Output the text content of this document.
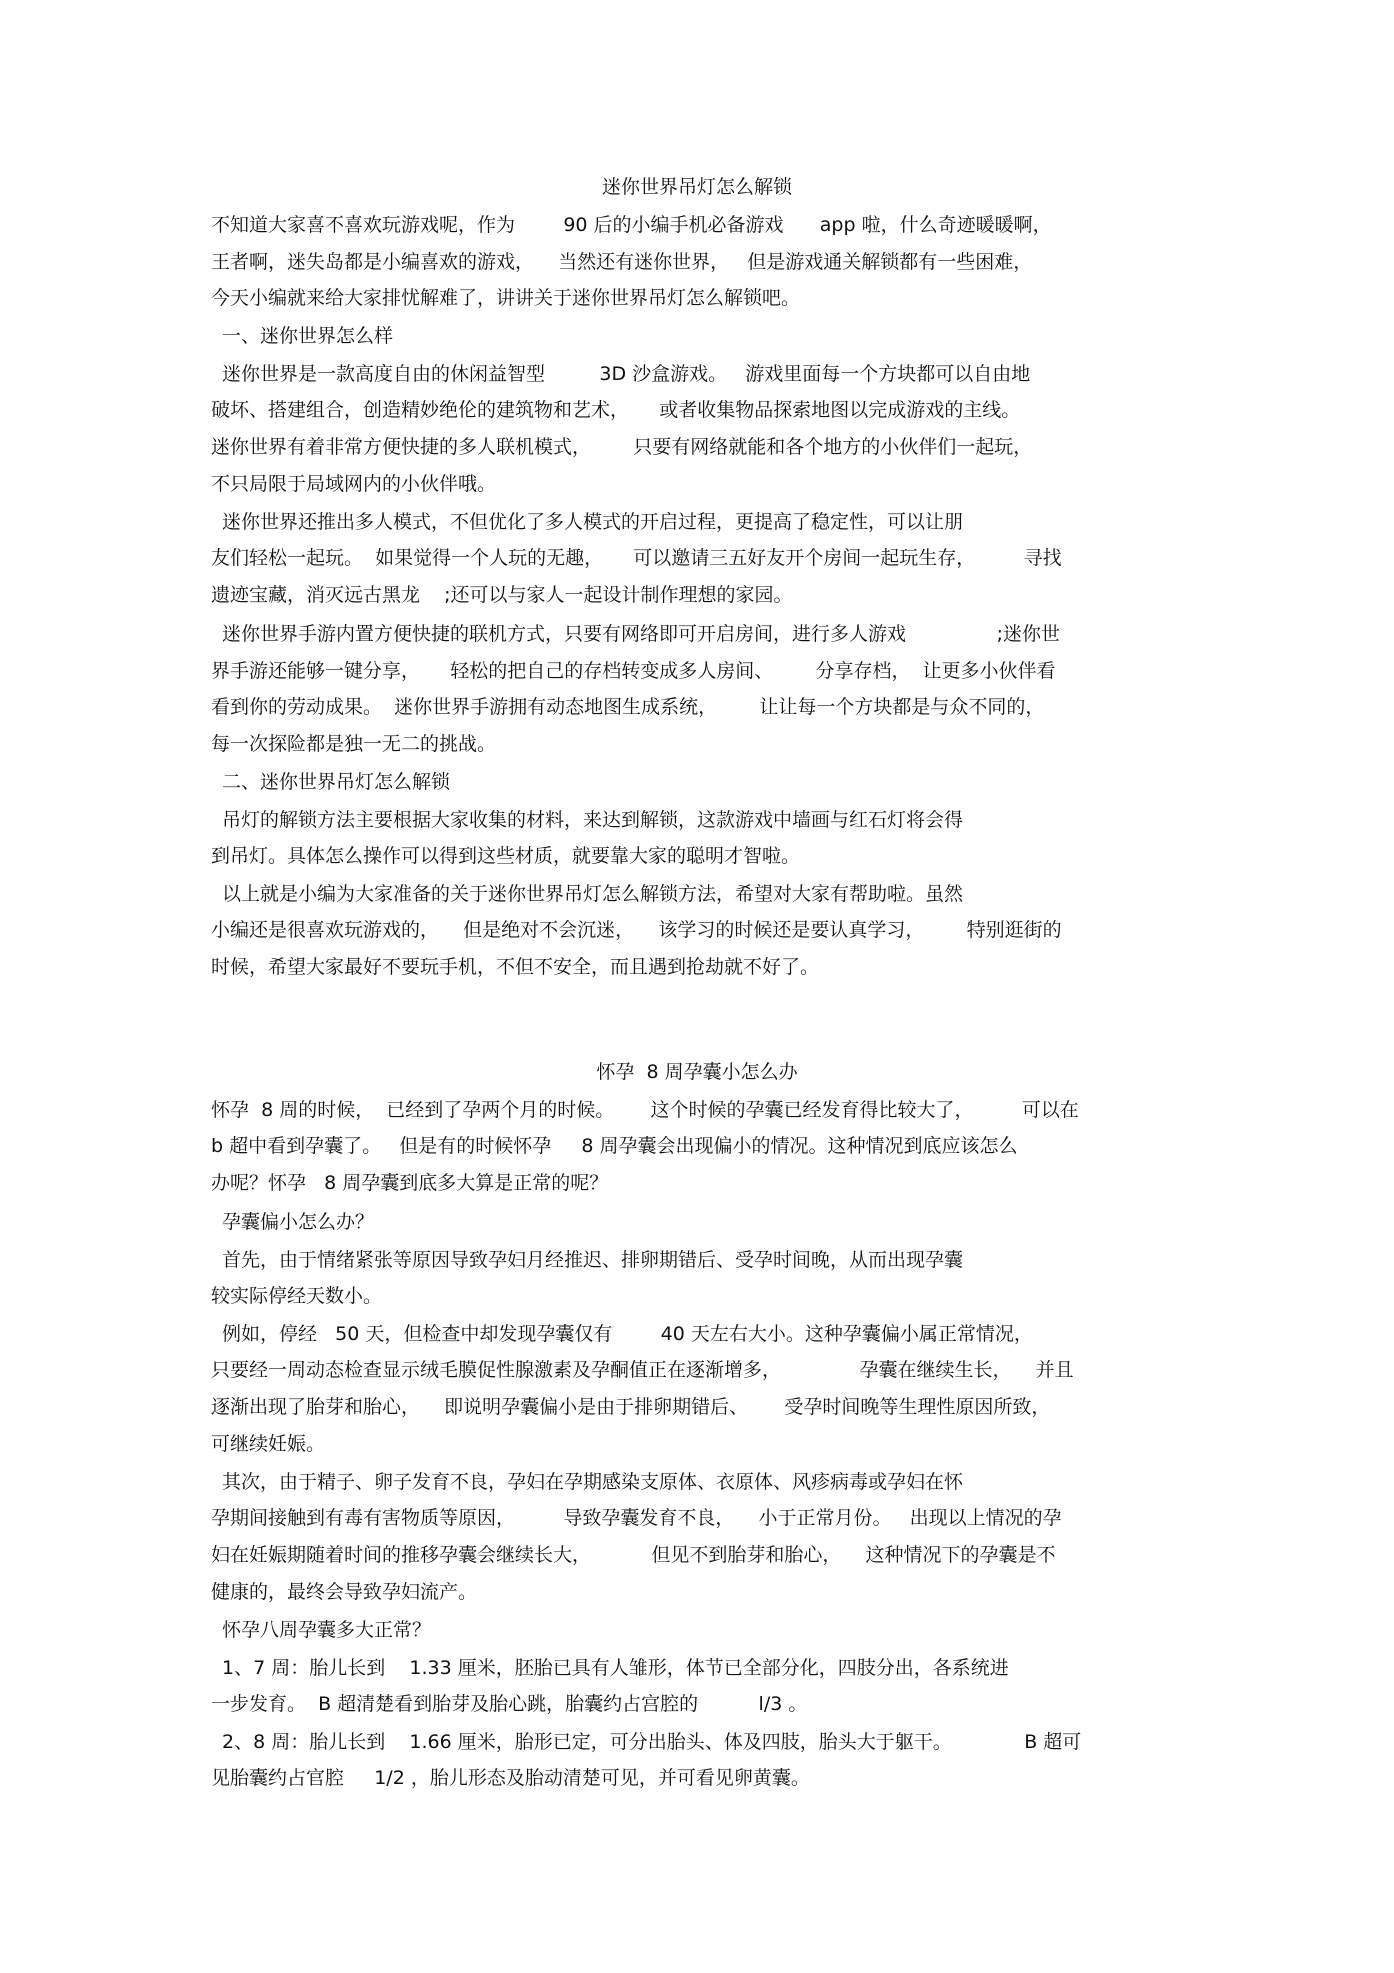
迷你世界吊灯怎么解锁
不知道大家喜不喜欢玩游戏呢，作为        90 后的小编手机必备游戏      app 啦，什么奇迹暖暖啊，
王者啊，迷失岛都是小编喜欢的游戏，    当然还有迷你世界，   但是游戏通关解锁都有一些困难，
今天小编就来给大家排忧解难了，讲讲关于迷你世界吊灯怎么解锁吧。
一、迷你世界怎么样
迷你世界是一款高度自由的休闲益智型         3D 沙盒游戏。   游戏里面每一个方块都可以自由地
破坏、搭建组合，创造精妙绝伦的建筑物和艺术，     或者收集物品探索地图以完成游戏的主线。
迷你世界有着非常方便快捷的多人联机模式，       只要有网络就能和各个地方的小伙伴们一起玩，
不只局限于局域网内的小伙伴哦。
迷你世界还推出多人模式，不但优化了多人模式的开启过程，更提高了稳定性，可以让朋
友们轻松一起玩。  如果觉得一个人玩的无趣，     可以邀请三五好友开个房间一起玩生存，        寻找
遗迹宝藏，消灭远古黑龙    ;还可以与家人一起设计制作理想的家园。
迷你世界手游内置方便快捷的联机方式，只要有网络即可开启房间，进行多人游戏               ;迷你世
界手游还能够一键分享，     轻松的把自己的存档转变成多人房间、       分享存档，  让更多小伙伴看
看到你的劳动成果。  迷你世界手游拥有动态地图生成系统，       让让每一个方块都是与众不同的，
每一次探险都是独一无二的挑战。
二、迷你世界吊灯怎么解锁
吊灯的解锁方法主要根据大家收集的材料，来达到解锁，这款游戏中墙画与红石灯将会得
到吊灯。具体怎么操作可以得到这些材质，就要靠大家的聪明才智啦。
以上就是小编为大家准备的关于迷你世界吊灯怎么解锁方法，希望对大家有帮助啦。虽然
小编还是很喜欢玩游戏的，    但是绝对不会沉迷，    该学习的时候还是要认真学习，       特别逛街的
时候，希望大家最好不要玩手机，不但不安全，而且遇到抢劫就不好了。
怀孕  8 周孕囊小怎么办
怀孕  8 周的时候，  已经到了孕两个月的时候。      这个时候的孕囊已经发育得比较大了，        可以在
b 超中看到孕囊了。   但是有的时候怀孕     8 周孕囊会出现偏小的情况。这种情况到底应该怎么
办呢？怀孕   8 周孕囊到底多大算是正常的呢？
孕囊偏小怎么办？
首先，由于情绪紧张等原因导致孕妇月经推迟、排卵期错后、受孕时间晚，从而出现孕囊
较实际停经天数小。
例如，停经   50 天，但检查中却发现孕囊仅有        40 天左右大小。这种孕囊偏小属正常情况，
只要经一周动态检查显示绒毛膜促性腺激素及孕酮值正在逐渐增多，             孕囊在继续生长，    并且
逐渐出现了胎芽和胎心，    即说明孕囊偏小是由于排卵期错后、      受孕时间晚等生理性原因所致，
可继续妊娠。
其次，由于精子、卵子发育不良，孕妇在孕期感染支原体、衣原体、风疹病毒或孕妇在怀
孕期间接触到有毒有害物质等原因，        导致孕囊发育不良，    小于正常月份。   出现以上情况的孕
妇在妊娠期随着时间的推移孕囊会继续长大，          但见不到胎芽和胎心，    这种情况下的孕囊是不
健康的，最终会导致孕妇流产。
怀孕八周孕囊多大正常？
1、7 周：胎儿长到    1.33 厘米，胚胎已具有人雏形，体节已全部分化，四肢分出，各系统进
一步发育。  B 超清楚看到胎芽及胎心跳，胎囊约占宫腔的          l/3 。
2、8 周：胎儿长到    1.66 厘米，胎形已定，可分出胎头、体及四肢，胎头大于躯干。            B 超可
见胎囊约占官腔     1/2 ，胎儿形态及胎动清楚可见，并可看见卵黄囊。
